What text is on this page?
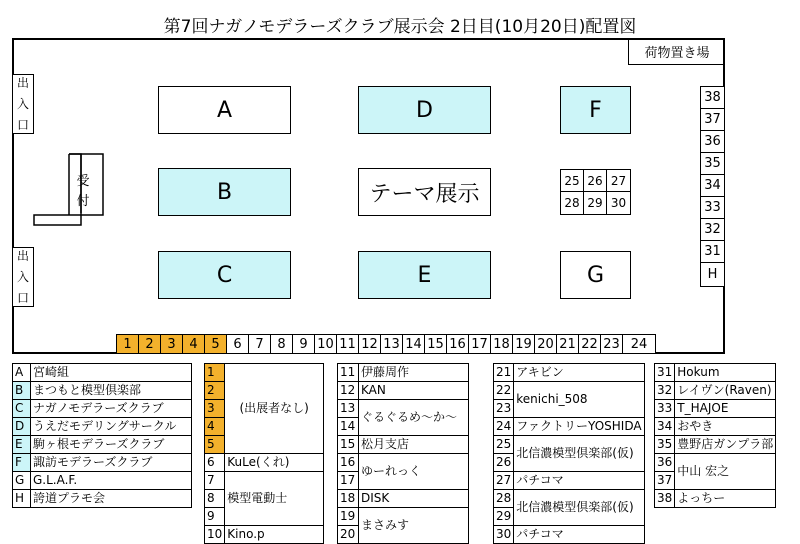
第7回ナガノモデラーズクラブ展示会 2日目(10月20日)配置図
荷物置き場
出
入
口
出
入
口
受
付
A
B
C
D
テーマ展示
E
F
G
25 26 27
28 29 30
38
37
36
35
34
33
32
31
H
1	2	3	4	5	6	7	8	9 10 11 12 13 14 15 16 17 18 19 20 21 22 23 24
A	宮崎組
B	まつもと模型倶楽部
C	ナガノモデラーズクラブ
D	うえだモデリングサークル
E	駒ヶ根モデラーズクラブ
F	諏訪モデラーズクラブ
G	G.L.A.F.
H	誇道プラモ会
1	(出展者なし)
2	
3	
4	
5	
6	KuLe(くれ)
7	模型電動士
8	
9	
10	Kino.p
11	伊藤周作
12	KAN
13	ぐるぐるめ～か～
14	
15	松月支店
16	ゆーれっく
17	
18	DISK
19	まさみす
20	
21	アキビン
22	kenichi_508
23	
24	ファクトリーYOSHIDA
25	北信濃模型倶楽部(仮)
26	
27	パチコマ
28	北信濃模型倶楽部(仮)
29	
30	パチコマ
31	Hokum
32	レイヴン(Raven)
33	T_HAJOE
34	おやき
35	豊野店ガンプラ部
36	中山 宏之
37	
38	よっちー
